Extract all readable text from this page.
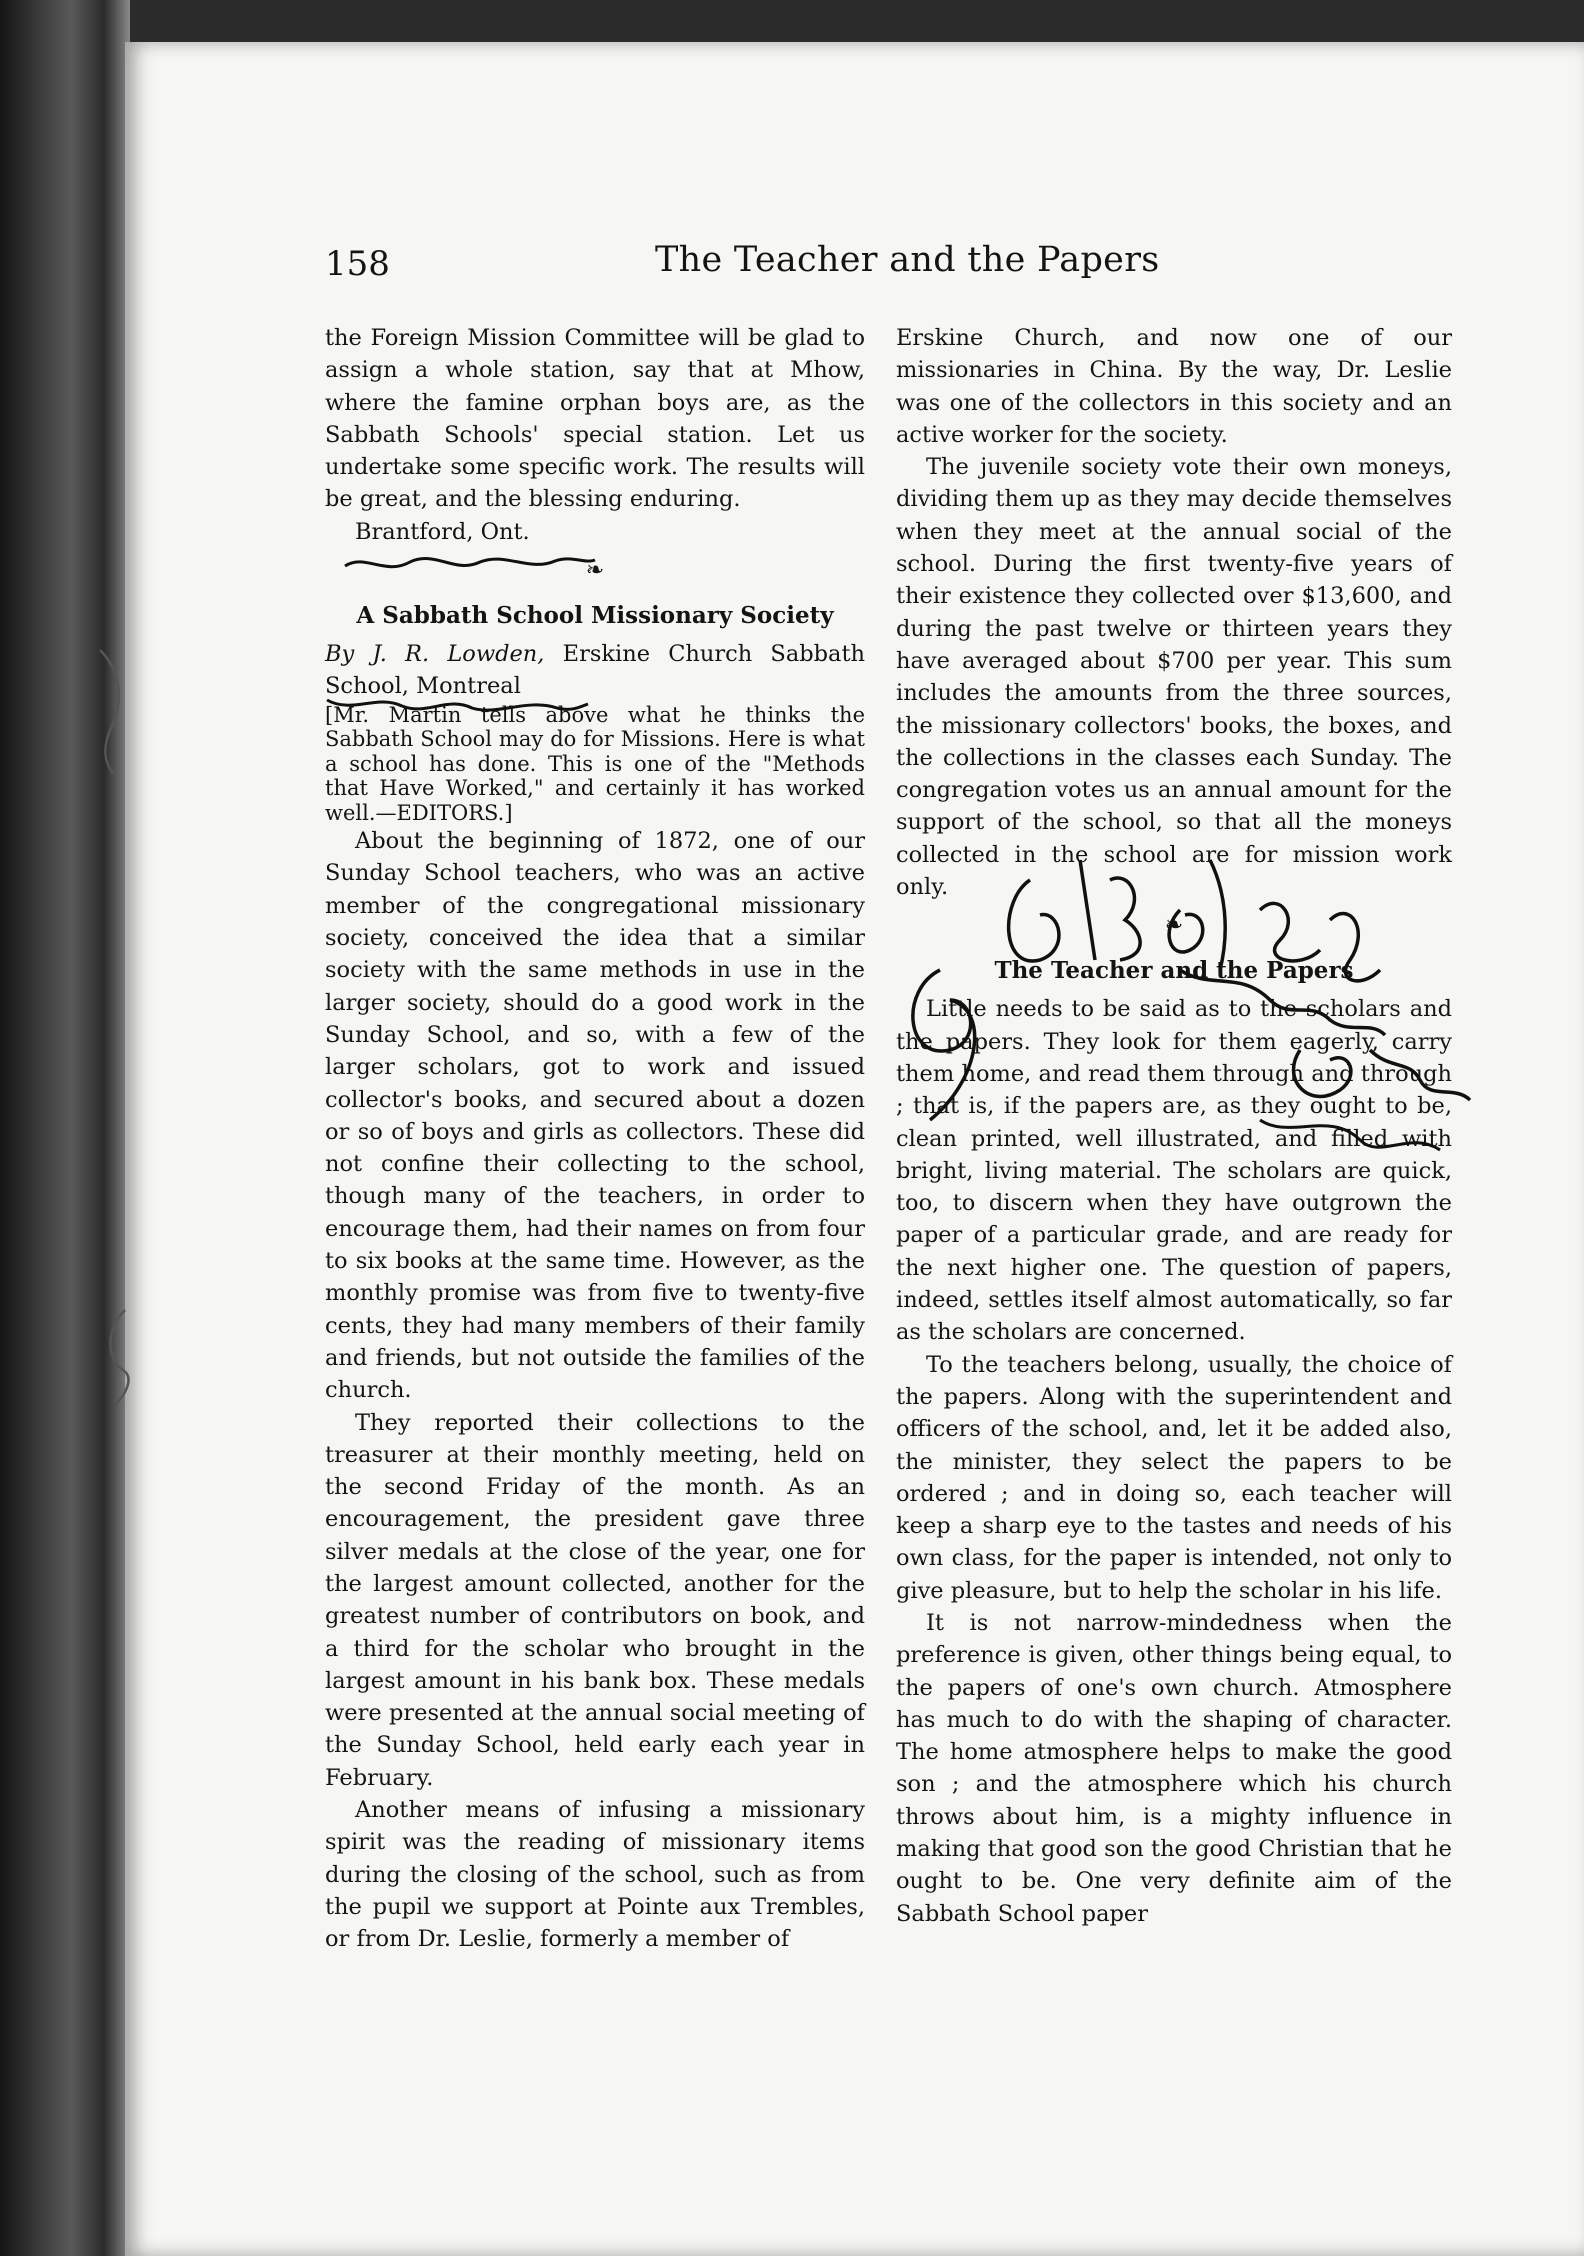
158	The Teacher and the Papers

the Foreign Mission Committee will be glad to assign a whole station, say that at Mhow, where the famine orphan boys are, as the Sabbath Schools' special station. Let us undertake some specific work. The results will be great, and the blessing enduring.

Brantford, Ont.

❧
A Sabbath School Missionary Society

By J. R. Lowden, Erskine Church Sabbath School, Montreal

[Mr. Martin tells above what he thinks the Sabbath School may do for Missions. Here is what a school has done. This is one of the "Methods that Have Worked," and certainly it has worked well.—EDITORS.]

About the beginning of 1872, one of our Sunday School teachers, who was an active member of the congregational missionary society, conceived the idea that a similar society with the same methods in use in the larger society, should do a good work in the Sunday School, and so, with a few of the larger scholars, got to work and issued collector's books, and secured about a dozen or so of boys and girls as collectors. These did not confine their collecting to the school, though many of the teachers, in order to encourage them, had their names on from four to six books at the same time. However, as the monthly promise was from five to twenty-five cents, they had many members of their family and friends, but not outside the families of the church.

They reported their collections to the treasurer at their monthly meeting, held on the second Friday of the month. As an encouragement, the president gave three silver medals at the close of the year, one for the largest amount collected, another for the greatest number of contributors on book, and a third for the scholar who brought in the largest amount in his bank box. These medals were presented at the annual social meeting of the Sunday School, held early each year in February.

Another means of infusing a missionary spirit was the reading of missionary items during the closing of the school, such as from the pupil we support at Pointe aux Trembles, or from Dr. Leslie, formerly a member of

Erskine Church, and now one of our missionaries in China. By the way, Dr. Leslie was one of the collectors in this society and an active worker for the society.

The juvenile society vote their own moneys, dividing them up as they may decide themselves when they meet at the annual social of the school. During the first twenty-five years of their existence they collected over $13,600, and during the past twelve or thirteen years they have averaged about $700 per year. This sum includes the amounts from the three sources, the missionary collectors' books, the boxes, and the collections in the classes each Sunday. The congregation votes us an annual amount for the support of the school, so that all the moneys collected in the school are for mission work only.

❧
The Teacher and the Papers

Little needs to be said as to the scholars and the papers. They look for them eagerly, carry them home, and read them through and through ; that is, if the papers are, as they ought to be, clean printed, well illustrated, and filled with bright, living material. The scholars are quick, too, to discern when they have outgrown the paper of a particular grade, and are ready for the next higher one. The question of papers, indeed, settles itself almost automatically, so far as the scholars are concerned.

To the teachers belong, usually, the choice of the papers. Along with the superintendent and officers of the school, and, let it be added also, the minister, they select the papers to be ordered ; and in doing so, each teacher will keep a sharp eye to the tastes and needs of his own class, for the paper is intended, not only to give pleasure, but to help the scholar in his life.

It is not narrow-mindedness when the preference is given, other things being equal, to the papers of one's own church. Atmosphere has much to do with the shaping of character. The home atmosphere helps to make the good son ; and the atmosphere which his church throws about him, is a mighty influence in making that good son the good Christian that he ought to be. One very definite aim of the Sabbath School paper
